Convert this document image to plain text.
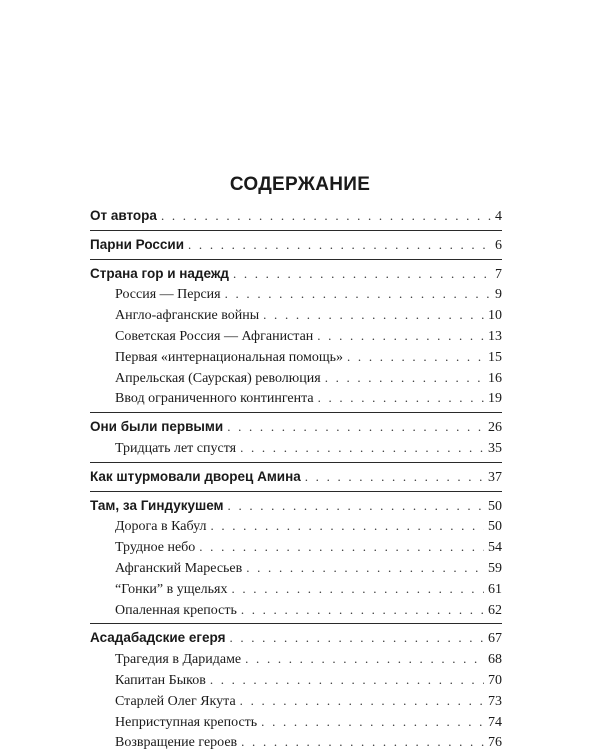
СОДЕРЖАНИЕ
От автора . . .	4
Парни России . . .	6
Страна гор и надежд . . .	7
Россия — Персия . . .	9
Англо-афганские войны . . .	10
Советская Россия — Афганистан . . .	13
Первая «интернациональная помощь» . . .	15
Апрельская (Саурская) революция . . .	16
Ввод ограниченного контингента . . .	19
Они были первыми . . .	26
Тридцать лет спустя . . .	35
Как штурмовали дворец Амина . . .	37
Там, за Гиндукушем . . .	50
Дорога в Кабул . . .	50
Трудное небо . . .	54
Афганский Маресьев . . .	59
“Гонки” в ущельях . . .	61
Опаленная крепость . . .	62
Асадабадские егеря . . .	67
Трагедия в Даридаме . . .	68
Капитан Быков . . .	70
Старлей Олег Якута . . .	73
Неприступная крепость . . .	74
Возвращение героев . . .	76
